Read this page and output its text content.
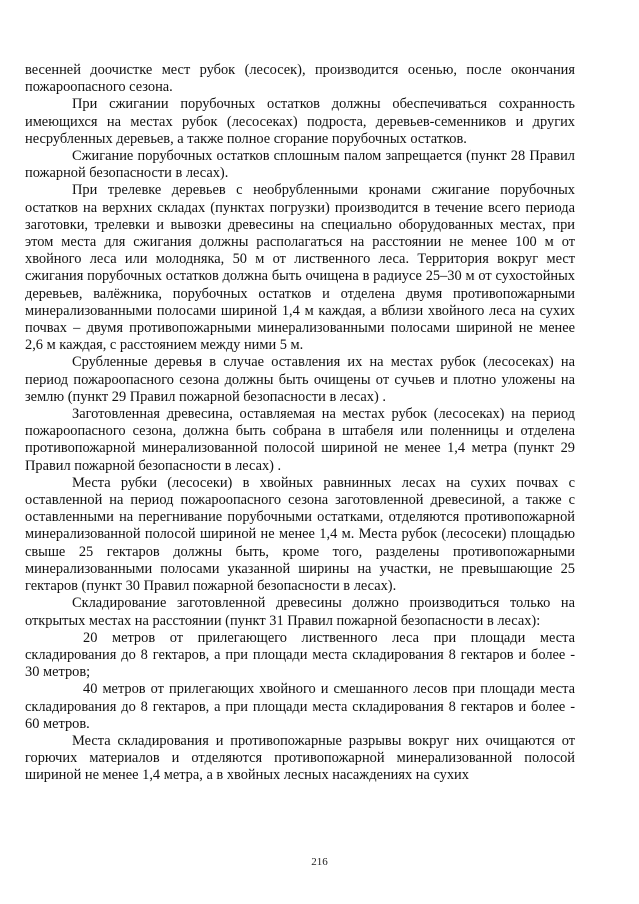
весенней доочистке мест рубок (лесосек), производится осенью, после окончания пожароопасного сезона.

При сжигании порубочных остатков должны обеспечиваться сохранность имеющихся на местах рубок (лесосеках) подроста, деревьев-семенников и других несрубленных деревьев, а также полное сгорание порубочных остатков.

Сжигание порубочных остатков сплошным палом запрещается (пункт 28 Правил пожарной безопасности в лесах).

При трелевке деревьев с необрубленными кронами сжигание порубочных остатков на верхних складах (пунктах погрузки) производится в течение всего периода заготовки, трелевки и вывозки древесины на специально оборудованных местах, при этом места для сжигания должны располагаться на расстоянии не менее 100 м от хвойного леса или молодняка, 50 м от лиственного леса. Территория вокруг мест сжигания порубочных остатков должна быть очищена в радиусе 25–30 м от сухостойных деревьев, валёжника, порубочных остатков и отделена двумя противопожарными минерализованными полосами шириной 1,4 м каждая, а вблизи хвойного леса на сухих почвах – двумя противопожарными минерализованными полосами шириной не менее 2,6 м каждая, с расстоянием между ними 5 м.

Срубленные деревья в случае оставления их на местах рубок (лесосеках) на период пожароопасного сезона должны быть очищены от сучьев и плотно уложены на землю (пункт 29 Правил пожарной безопасности в лесах) .

Заготовленная древесина, оставляемая на местах рубок (лесосеках) на период пожароопасного сезона, должна быть собрана в штабеля или поленницы и отделена противопожарной минерализованной полосой шириной не менее 1,4 метра (пункт 29 Правил пожарной безопасности в лесах) .

Места рубки (лесосеки) в хвойных равнинных лесах на сухих почвах с оставленной на период пожароопасного сезона заготовленной древесиной, а также с оставленными на перегнивание порубочными остатками, отделяются противопожарной минерализованной полосой шириной не менее 1,4 м. Места рубок (лесосеки) площадью свыше 25 гектаров должны быть, кроме того, разделены противопожарными минерализованными полосами указанной ширины на участки, не превышающие 25 гектаров (пункт 30 Правил пожарной безопасности в лесах).

Складирование заготовленной древесины должно производиться только на открытых местах на расстоянии (пункт 31 Правил пожарной безопасности в лесах):

20 метров от прилегающего лиственного леса при площади места складирования до 8 гектаров, а при площади места складирования 8 гектаров и более - 30 метров;

40 метров от прилегающих хвойного и смешанного лесов при площади места складирования до 8 гектаров, а при площади места складирования 8 гектаров и более - 60 метров.

Места складирования и противопожарные разрывы вокруг них очищаются от горючих материалов и отделяются противопожарной минерализованной полосой шириной не менее 1,4 метра, а в хвойных лесных насаждениях на сухих

216
